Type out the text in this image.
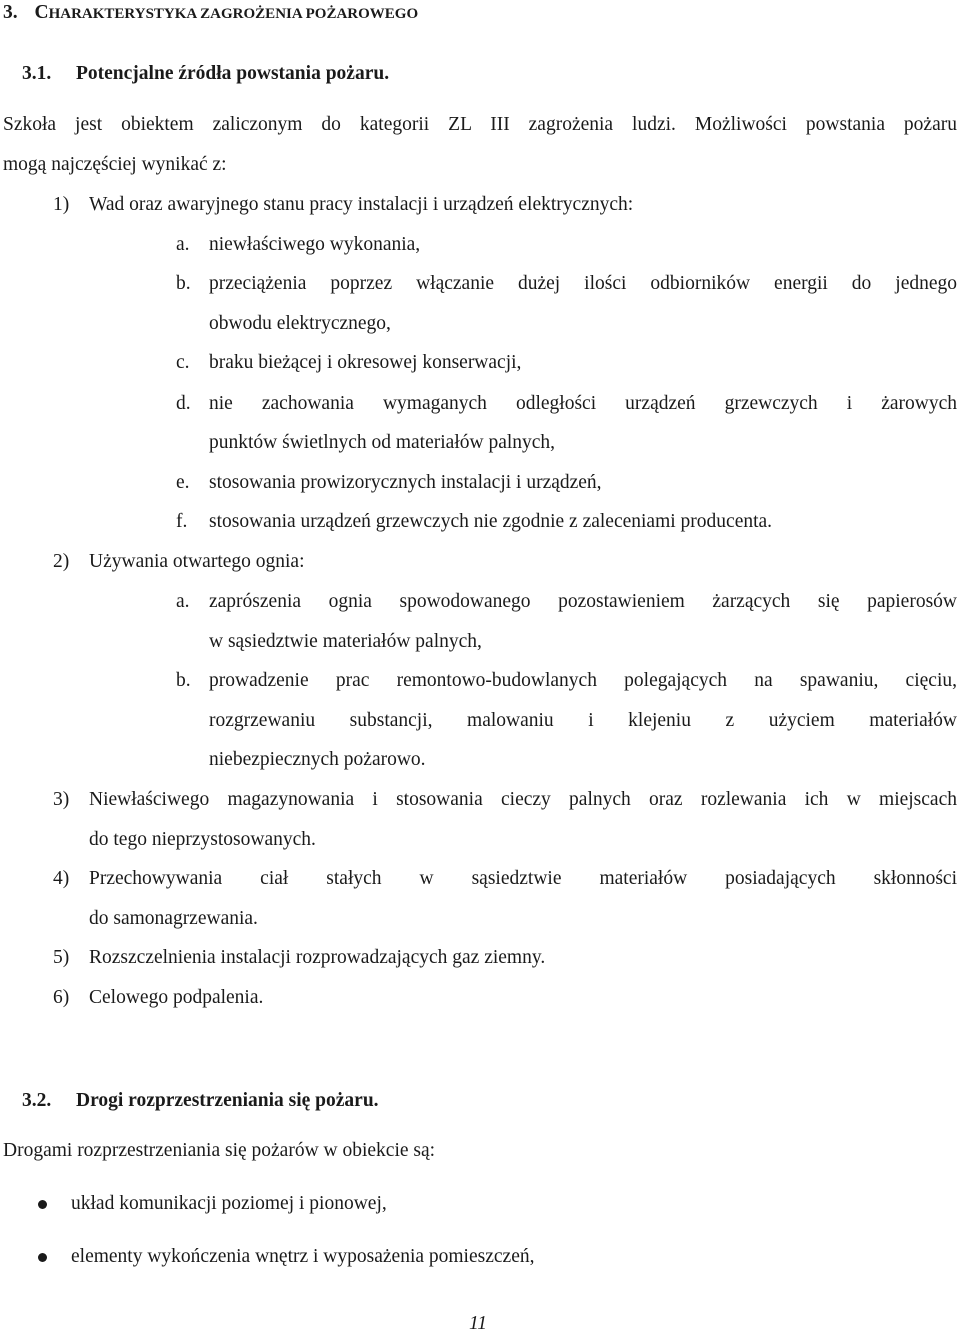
3. CHARAKTERYSTYKA ZAGROŻENIA POŻAROWEGO
3.1. Potencjalne źródła powstania pożaru.
Szkoła jest obiektem zaliczonym do kategorii ZL III zagrożenia ludzi. Możliwości powstania pożaru
mogą najczęściej wynikać z:
1) Wad oraz awaryjnego stanu pracy instalacji i urządzeń elektrycznych:
a. niewłaściwego wykonania,
b. przeciążenia poprzez włączanie dużej ilości odbiorników energii do jednego
obwodu elektrycznego,
c. braku bieżącej i okresowej konserwacji,
d. nie zachowania wymaganych odległości urządzeń grzewczych i żarowych
punktów świetlnych od materiałów palnych,
e. stosowania prowizorycznych instalacji i urządzeń,
f. stosowania urządzeń grzewczych nie zgodnie z zaleceniami producenta.
2) Używania otwartego ognia:
a. zaprószenia ognia spowodowanego pozostawieniem żarzących się papierosów
w sąsiedztwie materiałów palnych,
b. prowadzenie prac remontowo-budowlanych polegających na spawaniu, cięciu,
rozgrzewaniu substancji, malowaniu i klejeniu z użyciem materiałów
niebezpiecznych pożarowo.
3) Niewłaściwego magazynowania i stosowania cieczy palnych oraz rozlewania ich w miejscach
do tego nieprzystosowanych.
4) Przechowywania ciał stałych w sąsiedztwie materiałów posiadających skłonności
do samonagrzewania.
5) Rozszczelnienia instalacji rozprowadzających gaz ziemny.
6) Celowego podpalenia.
3.2. Drogi rozprzestrzeniania się pożaru.
Drogami rozprzestrzeniania się pożarów w obiekcie są:
układ komunikacji poziomej i pionowej,
elementy wykończenia wnętrz i wyposażenia pomieszczeń,
11
